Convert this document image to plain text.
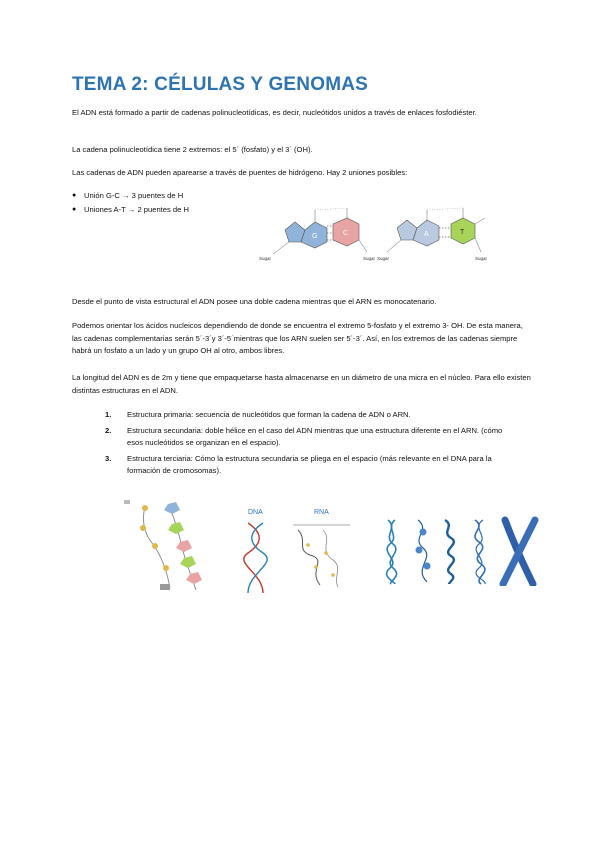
TEMA 2: CÉLULAS Y GENOMAS

El ADN está formado a partir de cadenas polinucleotídicas, es decir, nucleótidos unidos a través de enlaces fosfodiéster.

La cadena polinucleotídica tiene 2 extremos: el 5´ (fosfato) y el 3´ (OH).

Las cadenas de ADN pueden aparearse a través de puentes de hidrógeno. Hay 2 uniones posibles:

● Unión G-C → 3 puentes de H
● Uniones A-T → 2 puentes de H
G	C
Sugar	Sugar
A	T
Sugar	Sugar

Desde el punto de vista estructural el ADN posee una doble cadena mientras que el ARN es monocatenario.

Podemos orientar los ácidos nucleicos dependiendo de donde se encuentra el extremo 5-fosfato y el extremo 3- OH. De esta manera, las cadenas complementarias serán 5´-3´y 3´-5´mientras que los ARN suelen ser 5´-3´. Así, en los extremos de las cadenas siempre habrá un fosfato a un lado y un grupo OH al otro, ambos libres.

La longitud del ADN es de 2m y tiene que empaquetarse hasta almacenarse en un diámetro de una micra en el núcleo. Para ello existen distintas estructuras en el ADN.

1. Estructura primaria: secuencia de nucleótidos que forman la cadena de ADN o ARN.
2. Estructura secundaria: doble hélice en el caso del ADN mientras que una estructura diferente en el ARN. (cómo esos nucleótidos se organizan en el espacio).
3. Estructura terciaria: Cómo la estructura secundaria se pliega en el espacio (más relevante en el DNA para la formación de cromosomas).
DNA	RNA
